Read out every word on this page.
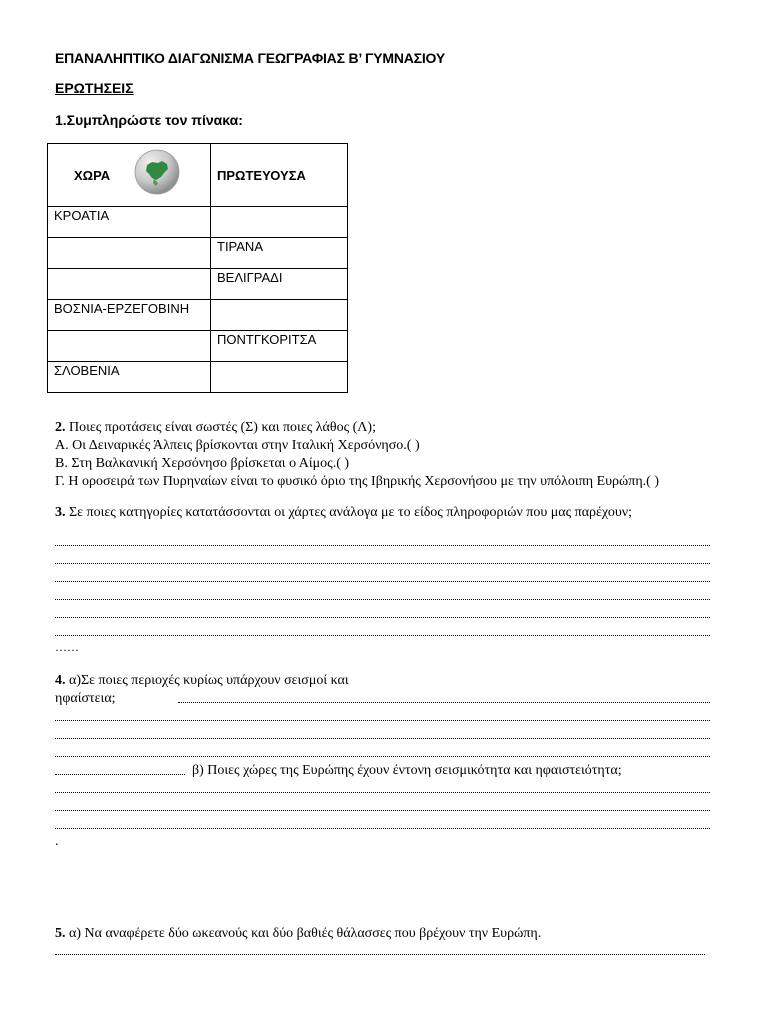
ΕΠΑΝΑΛΗΠΤΙΚΟ ΔΙΑΓΩΝΙΣΜΑ ΓΕΩΓΡΑΦΙΑΣ Β’ ΓΥΜΝΑΣΙΟΥ
ΕΡΩΤΗΣΕΙΣ
1.Συμπληρώστε τον πίνακα:
ΧΩΡΑ	ΠΡΩΤΕΥΟΥΣΑ
ΚΡΟΑΤΙΑ	
	ΤΙΡΑΝΑ
	ΒΕΛΙΓΡΑΔΙ
ΒΟΣΝΙΑ-ΕΡΖΕΓΟΒΙΝΗ	
	ΠΟΝΤΓΚΟΡΙΤΣΑ
ΣΛΟΒΕΝΙΑ	
2. Ποιες προτάσεις είναι σωστές (Σ) και ποιες λάθος (Λ);
Α. Οι Δειναρικές Άλπεις βρίσκονται στην Ιταλική Χερσόνησο.( )
Β. Στη Βαλκανική Χερσόνησο βρίσκεται ο Αίμος.( )
Γ. Η οροσειρά των Πυρηναίων είναι το φυσικό όριο της Ιβηρικής Χερσονήσου με την υπόλοιπη Ευρώπη.( )
3. Σε ποιες κατηγορίες κατατάσσονται οι χάρτες ανάλογα με το είδος πληροφοριών που μας παρέχουν;
……
4. α)Σε ποιες περιοχές κυρίως υπάρχουν σεισμοί και
ηφαίστεια;
β) Ποιες χώρες της Ευρώπης έχουν έντονη σεισμικότητα και ηφαιστειότητα;
.
5. α) Να αναφέρετε δύο ωκεανούς και δύο βαθιές θάλασσες που βρέχουν την Ευρώπη.
